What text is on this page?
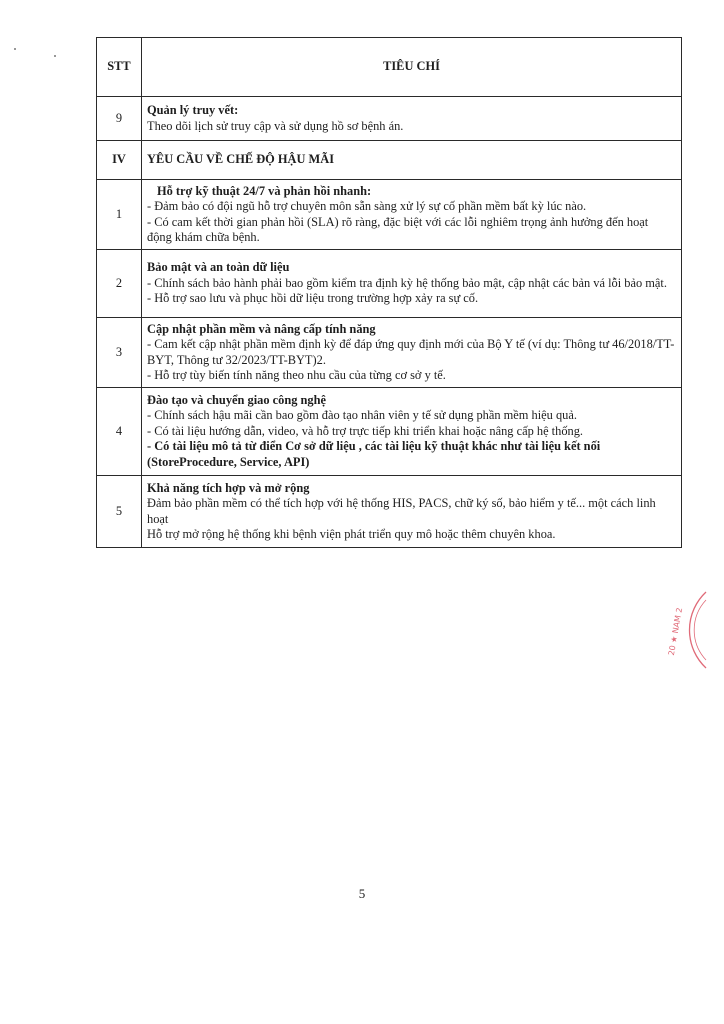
STT	TIÊU CHÍ
9	Quản lý truy vết:
Theo dõi lịch sử truy cập và sử dụng hồ sơ bệnh án.

IV	YÊU CẦU VỀ CHẾ ĐỘ HẬU MÃI
1	Hỗ trợ kỹ thuật 24/7 và phản hồi nhanh:
- Đảm bảo có đội ngũ hỗ trợ chuyên môn sẵn sàng xử lý sự cố phần mềm bất kỳ lúc nào.
- Có cam kết thời gian phản hồi (SLA) rõ ràng, đặc biệt với các lỗi nghiêm trọng ảnh hưởng đến hoạt động khám chữa bệnh.

2	Bảo mật và an toàn dữ liệu
- Chính sách bảo hành phải bao gồm kiểm tra định kỳ hệ thống bảo mật, cập nhật các bản vá lỗi bảo mật.
- Hỗ trợ sao lưu và phục hồi dữ liệu trong trường hợp xảy ra sự cố.

3	Cập nhật phần mềm và nâng cấp tính năng
- Cam kết cập nhật phần mềm định kỳ để đáp ứng quy định mới của Bộ Y tế (ví dụ: Thông tư 46/2018/TT-BYT, Thông tư 32/2023/TT-BYT)2.
- Hỗ trợ tùy biến tính năng theo nhu cầu của từng cơ sở y tế.

4	Đào tạo và chuyển giao công nghệ
- Chính sách hậu mãi cần bao gồm đào tạo nhân viên y tế sử dụng phần mềm hiệu quả.
- Có tài liệu hướng dẫn, video, và hỗ trợ trực tiếp khi triển khai hoặc nâng cấp hệ thống.
- Có tài liệu mô tả từ điển Cơ sở dữ liệu , các tài liệu kỹ thuật khác như tài liệu kết nối (StoreProcedure, Service, API)

5	Khả năng tích hợp và mở rộng
Đảm bảo phần mềm có thể tích hợp với hệ thống HIS, PACS, chữ ký số, bảo hiểm y tế... một cách linh hoạt
Hỗ trợ mở rộng hệ thống khi bệnh viện phát triển quy mô hoặc thêm chuyên khoa.
20 ★ NAM 2
5
